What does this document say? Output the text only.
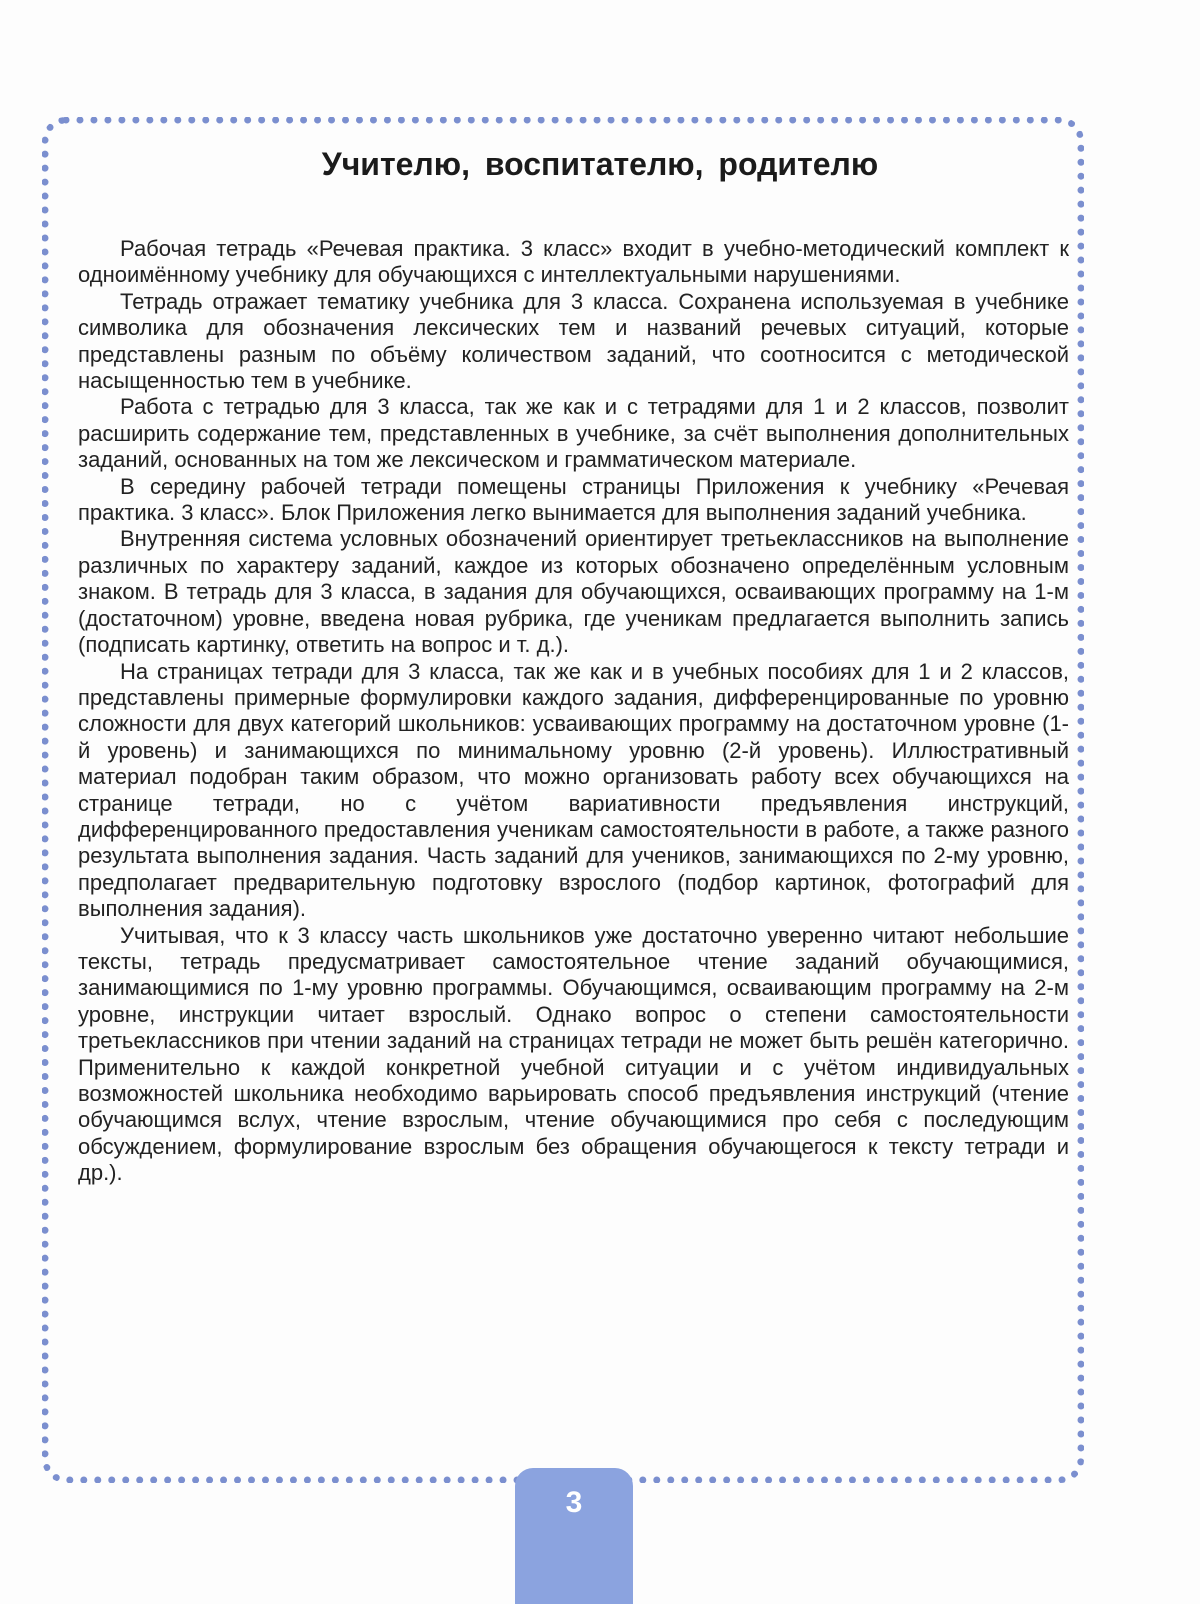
Учителю, воспитателю, родителю

Рабочая тетрадь «Речевая практика. 3 класс» входит в учебно-методический комплект к одноимённому учебнику для обучающихся с интеллектуальными нарушениями.

Тетрадь отражает тематику учебника для 3 класса. Сохранена используемая в учебнике символика для обозначения лексических тем и названий речевых ситуаций, которые представлены разным по объёму количеством заданий, что соотносится с методической насыщенностью тем в учебнике.

Работа с тетрадью для 3 класса, так же как и с тетрадями для 1 и 2 классов, позволит расширить содержание тем, представленных в учебнике, за счёт выполнения дополнительных заданий, основанных на том же лексическом и грамматическом материале.

В середину рабочей тетради помещены страницы Приложения к учебнику «Речевая практика. 3 класс». Блок Приложения легко вынимается для выполнения заданий учебника.

Внутренняя система условных обозначений ориентирует третьеклассников на выполнение различных по характеру заданий, каждое из которых обозначено определённым условным знаком. В тетрадь для 3 класса, в задания для обучающихся, осваивающих программу на 1-м (достаточном) уровне, введена новая рубрика, где ученикам предлагается выполнить запись (подписать картинку, ответить на вопрос и т. д.).

На страницах тетради для 3 класса, так же как и в учебных пособиях для 1 и 2 классов, представлены примерные формулировки каждого задания, дифференцированные по уровню сложности для двух категорий школьников: усваивающих программу на достаточном уровне (1-й уровень) и занимающихся по минимальному уровню (2-й уровень). Иллюстративный материал подобран таким образом, что можно организовать работу всех обучающихся на странице тетради, но с учётом вариативности предъявления инструкций, дифференцированного предоставления ученикам самостоятельности в работе, а также разного результата выполнения задания. Часть заданий для учеников, занимающихся по 2-му уровню, предполагает предварительную подготовку взрослого (подбор картинок, фотографий для выполнения задания).

Учитывая, что к 3 классу часть школьников уже достаточно уверенно читают небольшие тексты, тетрадь предусматривает самостоятельное чтение заданий обучающимися, занимающимися по 1-му уровню программы. Обучающимся, осваивающим программу на 2-м уровне, инструкции читает взрослый. Однако вопрос о степени самостоятельности третьеклассников при чтении заданий на страницах тетради не может быть решён категорично. Применительно к каждой конкретной учебной ситуации и с учётом индивидуальных возможностей школьника необходимо варьировать способ предъявления инструкций (чтение обучающимся вслух, чтение взрослым, чтение обучающимися про себя с последующим обсуждением, формулирование взрослым без обращения обучающегося к тексту тетради и др.).

3
